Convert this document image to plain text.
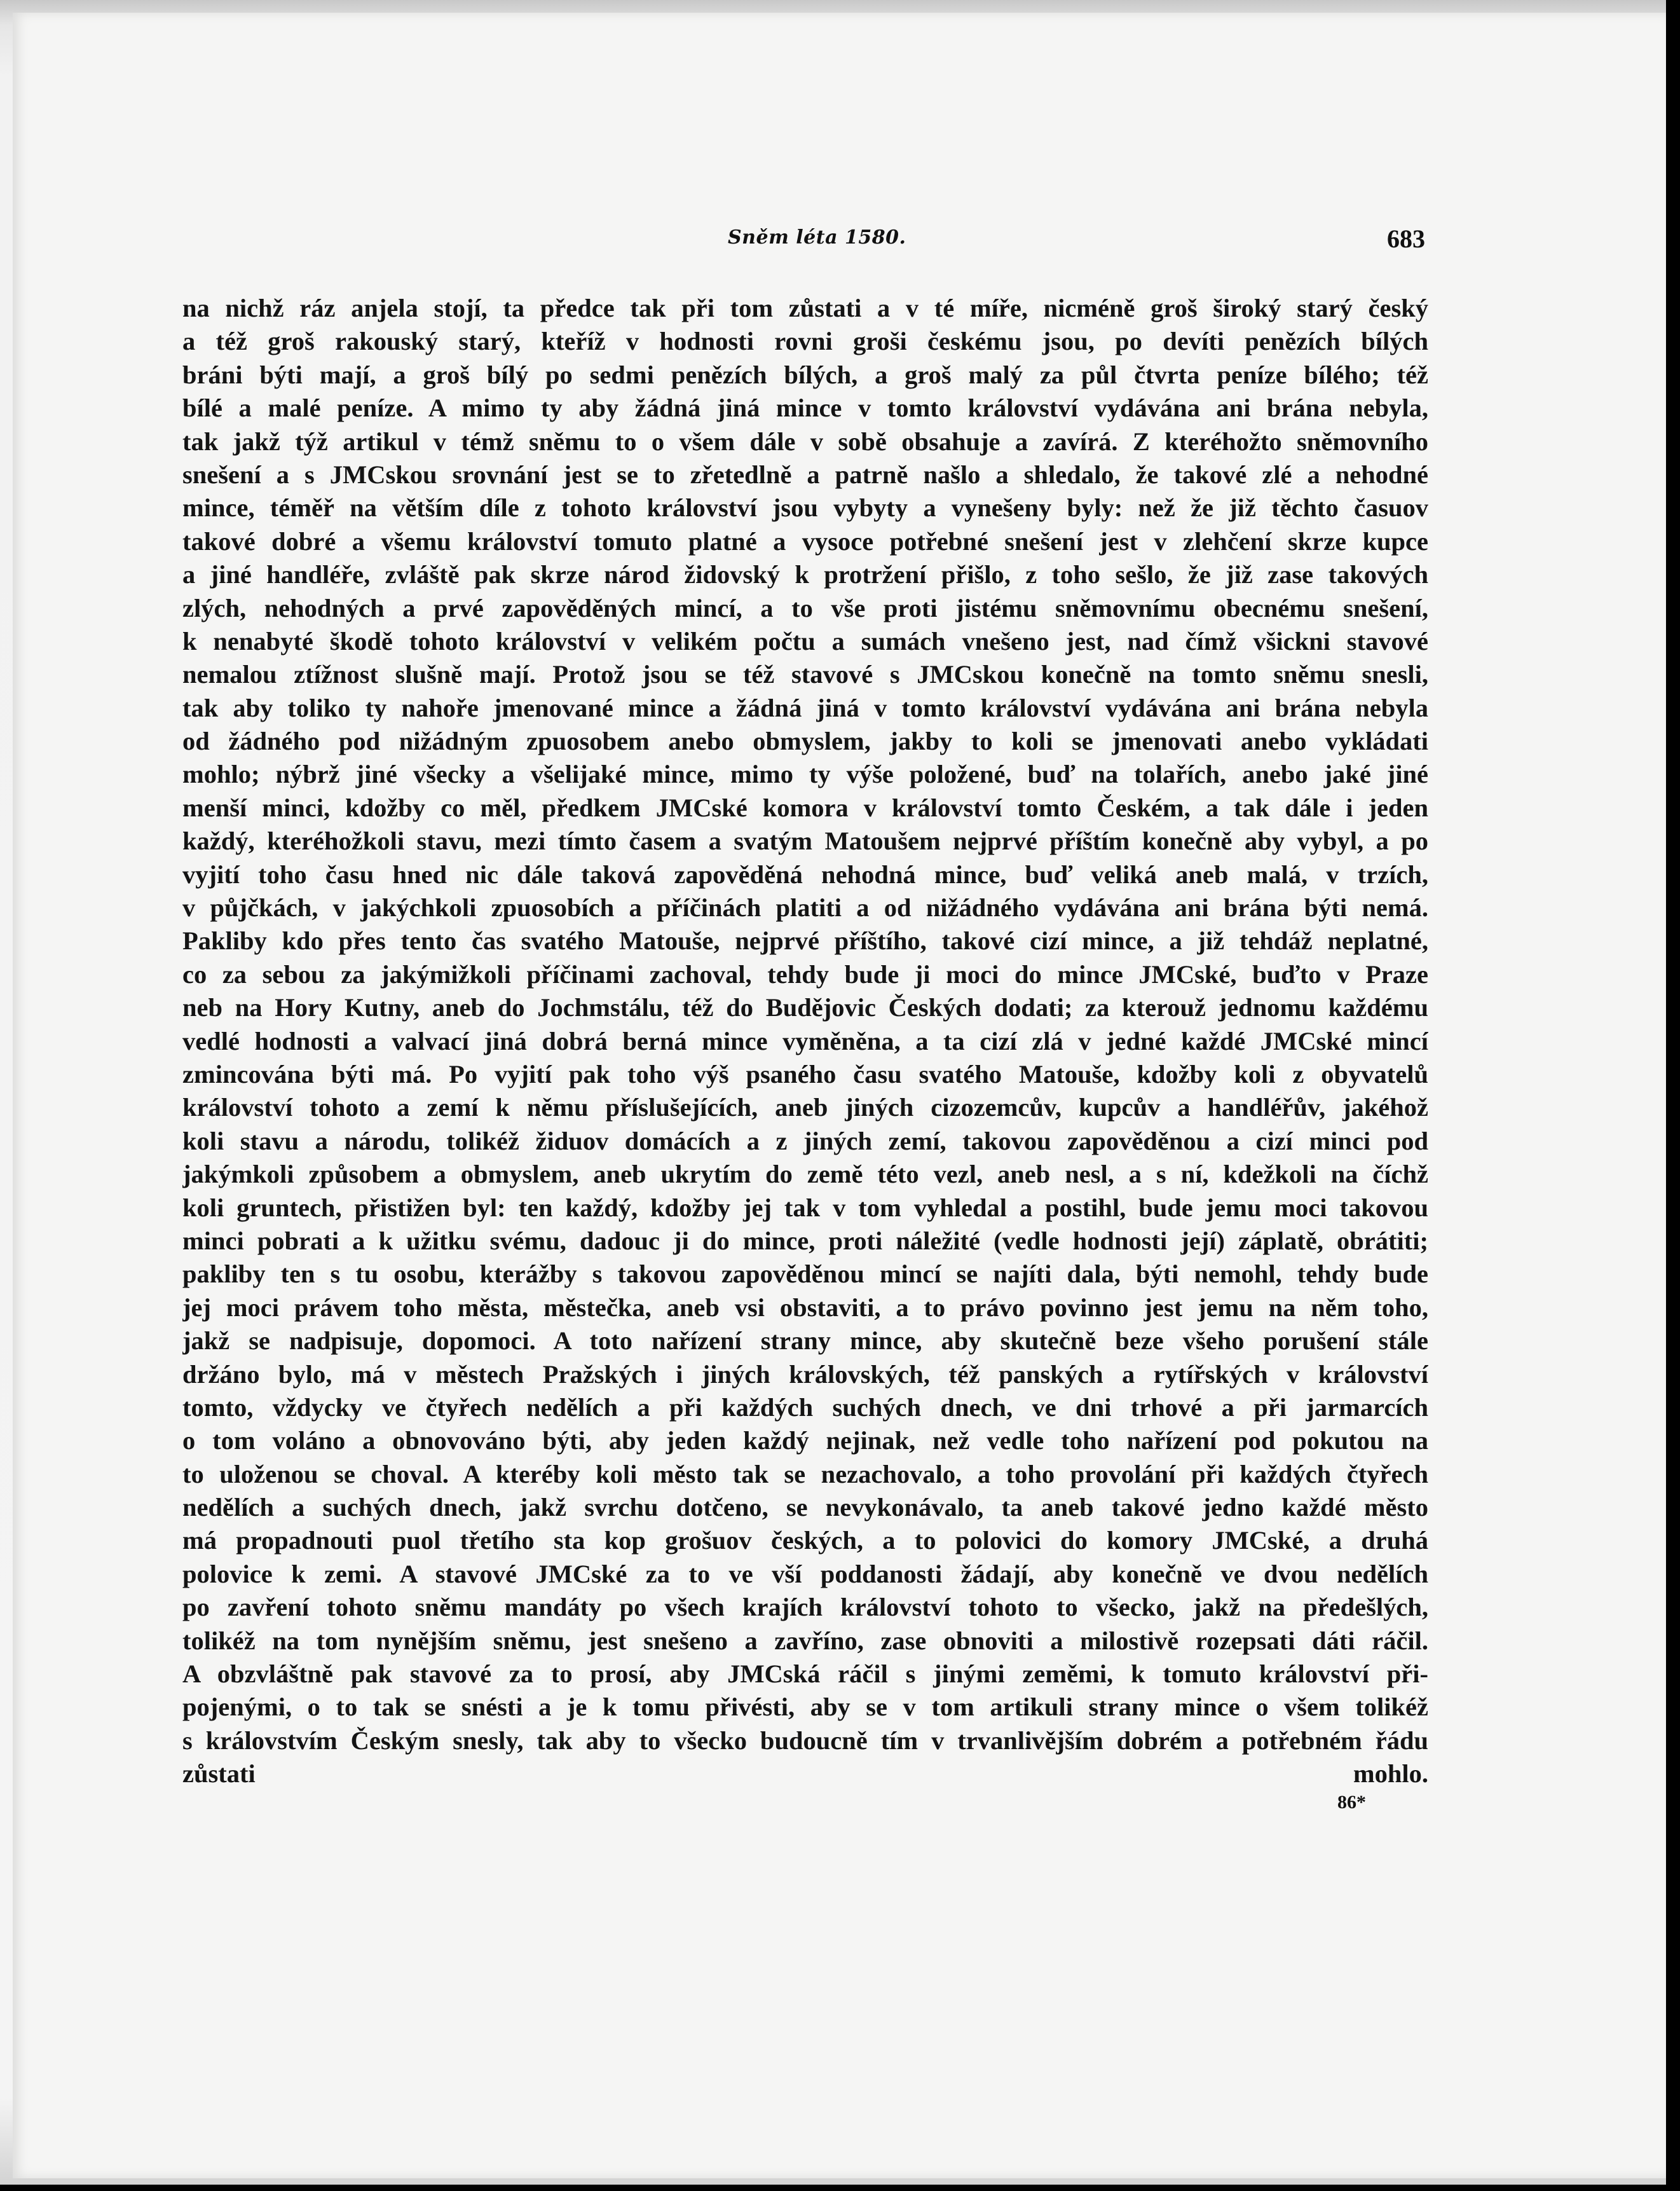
Sněm léta 1580.	683
na nichž ráz anjela stojí, ta předce tak při tom zůstati a v té míře, nicméně groš široký starý český
a též groš rakouský starý, kteříž v hodnosti rovni groši českému jsou, po devíti penězích bílých
bráni býti mají, a groš bílý po sedmi penězích bílých, a groš malý za půl čtvrta peníze bílého; též
bílé a malé peníze. A mimo ty aby žádná jiná mince v tomto království vydávána ani brána nebyla,
tak jakž týž artikul v témž sněmu to o všem dále v sobě obsahuje a zavírá. Z kteréhožto sněmovního
snešení a s JMCskou srovnání jest se to zřetedlně a patrně našlo a shledalo, že takové zlé a nehodné
mince, téměř na větším díle z tohoto království jsou vybyty a vynešeny byly: než že již těchto časuov
takové dobré a všemu království tomuto platné a vysoce potřebné snešení jest v zlehčení skrze kupce
a jiné handléře, zvláště pak skrze národ židovský k protržení přišlo, z toho sešlo, že již zase takových
zlých, nehodných a prvé zapověděných mincí, a to vše proti jistému sněmovnímu obecnému snešení,
k nenabyté škodě tohoto království v velikém počtu a sumách vnešeno jest, nad čímž všickni stavové
nemalou ztížnost slušně mají. Protož jsou se též stavové s JMCskou konečně na tomto sněmu snesli,
tak aby toliko ty nahoře jmenované mince a žádná jiná v tomto království vydávána ani brána nebyla
od žádného pod nižádným zpuosobem anebo obmyslem, jakby to koli se jmenovati anebo vykládati
mohlo; nýbrž jiné všecky a všelijaké mince, mimo ty výše položené, buď na tolařích, anebo jaké jiné
menší minci, kdožby co měl, předkem JMCské komora v království tomto Českém, a tak dále i jeden
každý, kteréhožkoli stavu, mezi tímto časem a svatým Matoušem nejprvé příštím konečně aby vybyl, a po
vyjití toho času hned nic dále taková zapověděná nehodná mince, buď veliká aneb malá, v trzích,
v půjčkách, v jakýchkoli zpuosobích a příčinách platiti a od nižádného vydávána ani brána býti nemá.
Pakliby kdo přes tento čas svatého Matouše, nejprvé příštího, takové cizí mince, a již tehdáž neplatné,
co za sebou za jakýmižkoli příčinami zachoval, tehdy bude ji moci do mince JMCské, buďto v Praze
neb na Hory Kutny, aneb do Jochmstálu, též do Budějovic Českých dodati; za kterouž jednomu každému
vedlé hodnosti a valvací jiná dobrá berná mince vyměněna, a ta cizí zlá v jedné každé JMCské mincí
zmincována býti má. Po vyjití pak toho výš psaného času svatého Matouše, kdožby koli z obyvatelů
království tohoto a zemí k němu příslušejících, aneb jiných cizozemcův, kupcův a handléřův, jakéhož
koli stavu a národu, tolikéž židuov domácích a z jiných zemí, takovou zapověděnou a cizí minci pod
jakýmkoli způsobem a obmyslem, aneb ukrytím do země této vezl, aneb nesl, a s ní, kdežkoli na číchž
koli gruntech, přistižen byl: ten každý, kdožby jej tak v tom vyhledal a postihl, bude jemu moci takovou
minci pobrati a k užitku svému, dadouc ji do mince, proti náležité (vedle hodnosti její) záplatě, obrátiti;
pakliby ten s tu osobu, kterážby s takovou zapověděnou mincí se najíti dala, býti nemohl, tehdy bude
jej moci právem toho města, městečka, aneb vsi obstaviti, a to právo povinno jest jemu na něm toho,
jakž se nadpisuje, dopomoci. A toto nařízení strany mince, aby skutečně beze všeho porušení stále
držáno bylo, má v městech Pražských i jiných královských, též panských a rytířských v království
tomto, vždycky ve čtyřech nedělích a při každých suchých dnech, ve dni trhové a při jarmarcích
o tom voláno a obnovováno býti, aby jeden každý nejinak, než vedle toho nařízení pod pokutou na
to uloženou se choval. A kteréby koli město tak se nezachovalo, a toho provolání při každých čtyřech
nedělích a suchých dnech, jakž svrchu dotčeno, se nevykonávalo, ta aneb takové jedno každé město
má propadnouti puol třetího sta kop grošuov českých, a to polovici do komory JMCské, a druhá
polovice k zemi. A stavové JMCské za to ve vší poddanosti žádají, aby konečně ve dvou nedělích
po zavření tohoto sněmu mandáty po všech krajích království tohoto to všecko, jakž na předešlých,
tolikéž na tom nynějším sněmu, jest snešeno a zavříno, zase obnoviti a milostivě rozepsati dáti ráčil.
A obzvláštně pak stavové za to prosí, aby JMCská ráčil s jinými zeměmi, k tomuto království při-
pojenými, o to tak se snésti a je k tomu přivésti, aby se v tom artikuli strany mince o všem tolikéž
s královstvím Českým snesly, tak aby to všecko budoucně tím v trvanlivějším dobrém a potřebném řádu
zůstati mohlo.
86*
